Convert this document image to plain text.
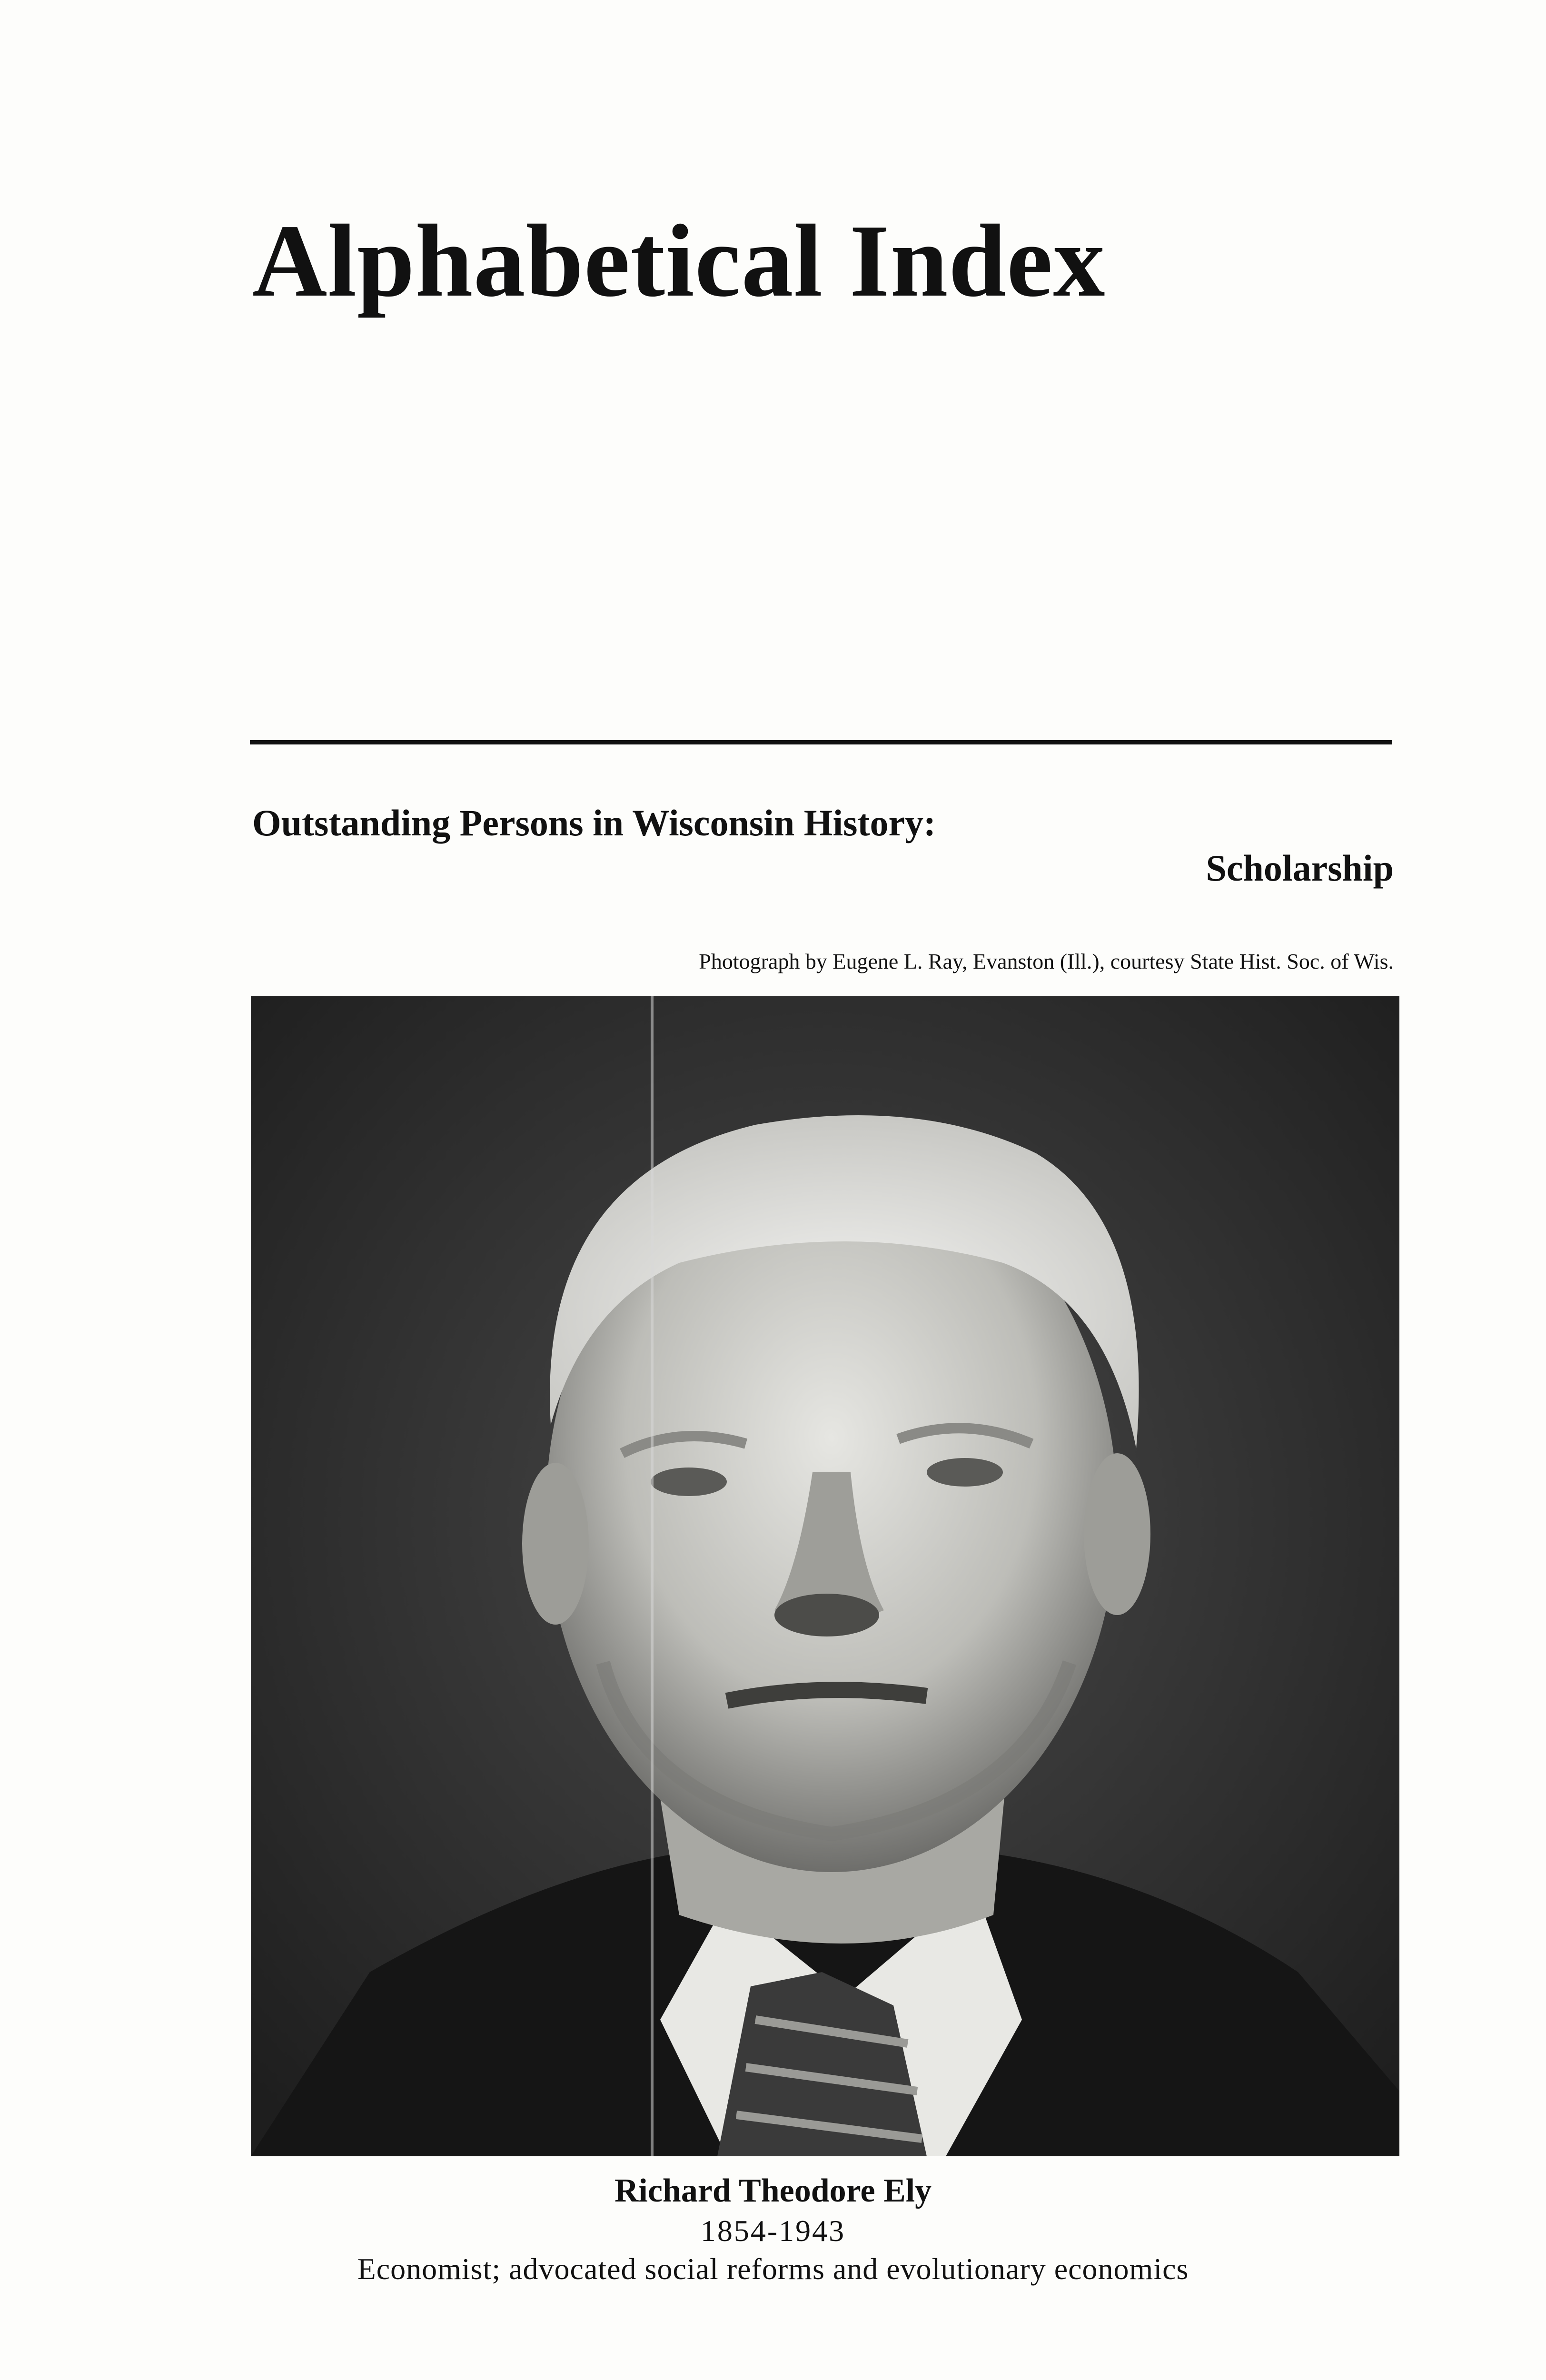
Alphabetical Index
Outstanding Persons in Wisconsin History:
Scholarship
Photograph by Eugene L. Ray, Evanston (Ill.), courtesy State Hist. Soc. of Wis.
Richard Theodore Ely
1854-1943
Economist; advocated social reforms and evolutionary economics
